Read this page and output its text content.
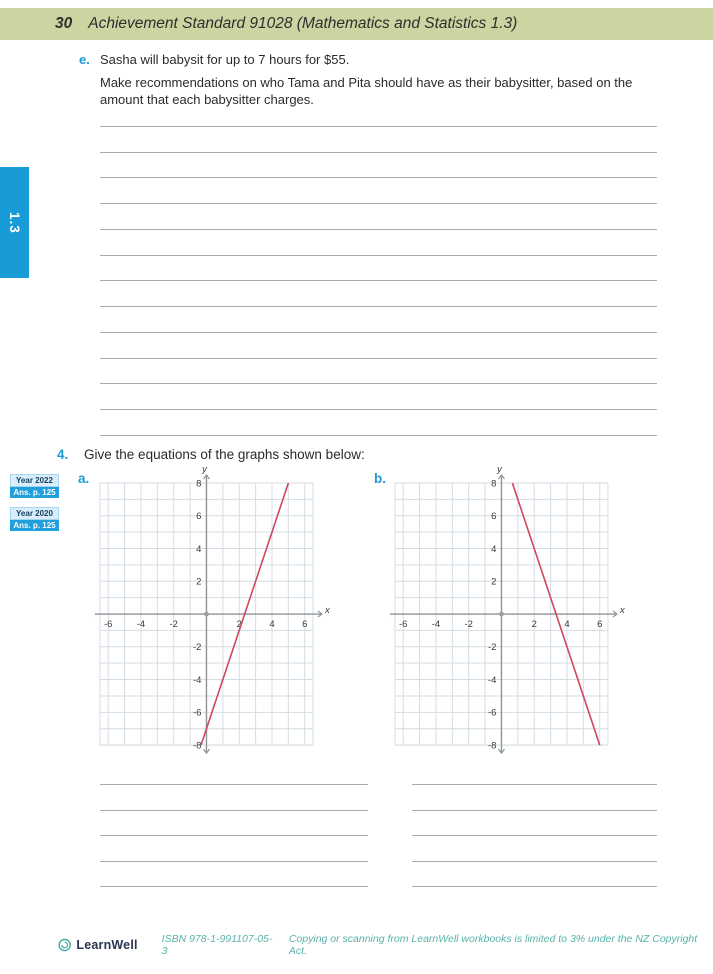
30 Achievement Standard 91028 (Mathematics and Statistics 1.3)
1.3
e. Sasha will babysit for up to 7 hours for $55.
Make recommendations on who Tama and Pita should have as their babysitter, based on the amount that each babysitter charges.
4. Give the equations of the graphs shown below:
Year 2022
Ans. p. 125
Year 2020
Ans. p. 125
a.	b.
-6	-4	-2	2	4	6
-8
-6
-4
-2
2
4
6
8
y
x
-6	-4	-2	2	4	6
-8
-6
-4
-2
2
4
6
8
y
x
LearnWell ISBN 978-1-991107-05-3
Copying or scanning from LearnWell workbooks is limited to 3% under the NZ Copyright Act.
